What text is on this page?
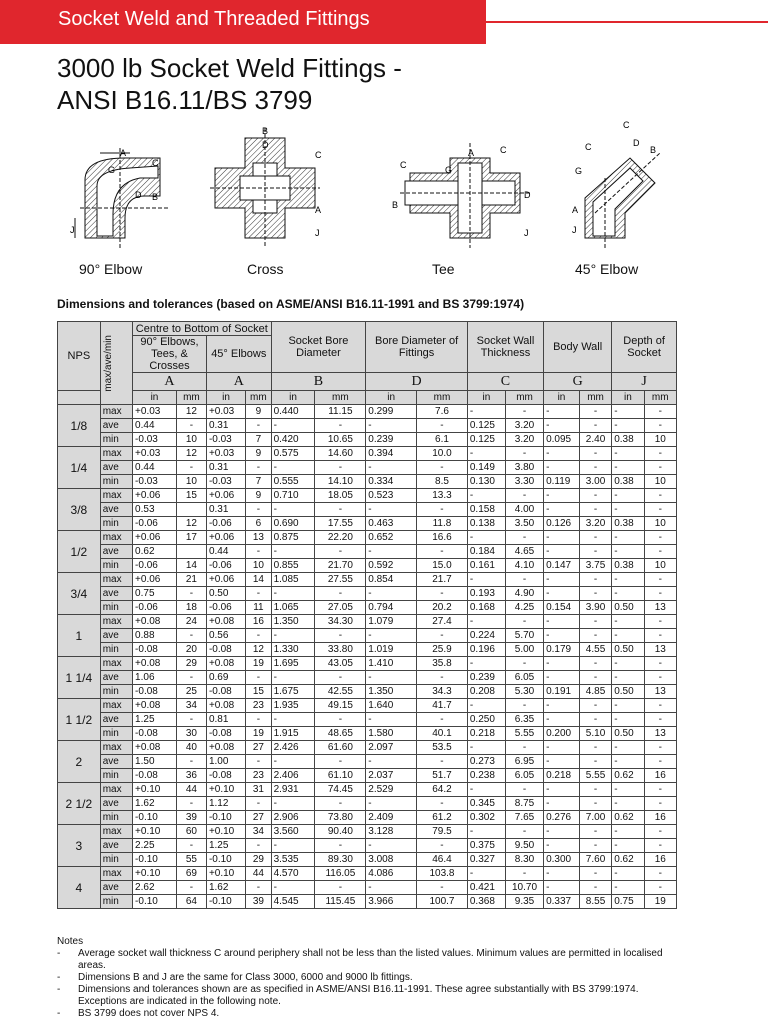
Socket Weld and Threaded Fittings
3000 lb Socket Weld Fittings -
ANSI B16.11/BS 3799
A
G
C
D B
J
B
D
C
A
J
C
B
A
G
C
D
J
C
C	B
D
G
A
J
90° Elbow	Cross	Tee	45° Elbow
Dimensions and tolerances (based on ASME/ANSI B16.11-1991 and BS 3799:1974)
NPS	max/ave/min	Centre to Bottom of Socket				Socket Bore Diameter		Bore Diameter of Fittings		Socket Wall Thickness		Body Wall		Depth of Socket	
		90° Elbows, Tees, & Crosses		45° Elbows											
		A		A		B		D		C		G		J	
		in	mm	in	mm	in	mm	in	mm	in	mm	in	mm	in	mm
1/8	max	+0.03	12	+0.03	9	0.440	11.15	0.299	7.6	-	-	-	-	-	-
	ave	0.44	-	0.31	-	-	-	-	-	0.125	3.20	-	-	-	-
	min	-0.03	10	-0.03	7	0.420	10.65	0.239	6.1	0.125	3.20	0.095	2.40	0.38	10
1/4	max	+0.03	12	+0.03	9	0.575	14.60	0.394	10.0	-	-	-	-	-	-
	ave	0.44	-	0.31	-	-	-	-	-	0.149	3.80	-	-	-	-
	min	-0.03	10	-0.03	7	0.555	14.10	0.334	8.5	0.130	3.30	0.119	3.00	0.38	10
3/8	max	+0.06	15	+0.06	9	0.710	18.05	0.523	13.3	-	-	-	-	-	-
	ave	0.53		0.31	-	-	-	-	-	0.158	4.00	-	-	-	-
	min	-0.06	12	-0.06	6	0.690	17.55	0.463	11.8	0.138	3.50	0.126	3.20	0.38	10
1/2	max	+0.06	17	+0.06	13	0.875	22.20	0.652	16.6	-	-	-	-	-	-
	ave	0.62		0.44	-	-	-	-	-	0.184	4.65	-	-	-	-
	min	-0.06	14	-0.06	10	0.855	21.70	0.592	15.0	0.161	4.10	0.147	3.75	0.38	10
3/4	max	+0.06	21	+0.06	14	1.085	27.55	0.854	21.7	-	-	-	-	-	-
	ave	0.75	-	0.50	-	-	-	-	-	0.193	4.90	-	-	-	-
	min	-0.06	18	-0.06	11	1.065	27.05	0.794	20.2	0.168	4.25	0.154	3.90	0.50	13
1	max	+0.08	24	+0.08	16	1.350	34.30	1.079	27.4	-	-	-	-	-	-
	ave	0.88	-	0.56	-	-	-	-	-	0.224	5.70	-	-	-	-
	min	-0.08	20	-0.08	12	1.330	33.80	1.019	25.9	0.196	5.00	0.179	4.55	0.50	13
1 1/4	max	+0.08	29	+0.08	19	1.695	43.05	1.410	35.8	-	-	-	-	-	-
	ave	1.06	-	0.69	-	-	-	-	-	0.239	6.05	-	-	-	-
	min	-0.08	25	-0.08	15	1.675	42.55	1.350	34.3	0.208	5.30	0.191	4.85	0.50	13
1 1/2	max	+0.08	34	+0.08	23	1.935	49.15	1.640	41.7	-	-	-	-	-	-
	ave	1.25	-	0.81	-	-	-	-	-	0.250	6.35	-	-	-	-
	min	-0.08	30	-0.08	19	1.915	48.65	1.580	40.1	0.218	5.55	0.200	5.10	0.50	13
2	max	+0.08	40	+0.08	27	2.426	61.60	2.097	53.5	-	-	-	-	-	-
	ave	1.50	-	1.00	-	-	-	-	-	0.273	6.95	-	-	-	-
	min	-0.08	36	-0.08	23	2.406	61.10	2.037	51.7	0.238	6.05	0.218	5.55	0.62	16
2 1/2	max	+0.10	44	+0.10	31	2.931	74.45	2.529	64.2	-	-	-	-	-	-
	ave	1.62	-	1.12	-	-	-	-	-	0.345	8.75	-	-	-	-
	min	-0.10	39	-0.10	27	2.906	73.80	2.409	61.2	0.302	7.65	0.276	7.00	0.62	16
3	max	+0.10	60	+0.10	34	3.560	90.40	3.128	79.5	-	-	-	-	-	-
	ave	2.25	-	1.25	-	-	-	-	-	0.375	9.50	-	-	-	-
	min	-0.10	55	-0.10	29	3.535	89.30	3.008	46.4	0.327	8.30	0.300	7.60	0.62	16
4	max	+0.10	69	+0.10	44	4.570	116.05	4.086	103.8	-	-	-	-	-	-
	ave	2.62	-	1.62	-	-	-	-	-	0.421	10.70	-	-	-	-
	min	-0.10	64	-0.10	39	4.545	115.45	3.966	100.7	0.368	9.35	0.337	8.55	0.75	19
Notes
-	Average socket wall thickness C around periphery shall not be less than the listed values. Minimum values are permitted in localised areas.
-	Dimensions B and J are the same for Class 3000, 6000 and 9000 lb fittings.
-	Dimensions and tolerances shown are as specified in ASME/ANSI B16.11-1991. These agree substantially with BS 3799:1974. Exceptions are indicated in the following note.
-	BS 3799 does not cover NPS 4.
